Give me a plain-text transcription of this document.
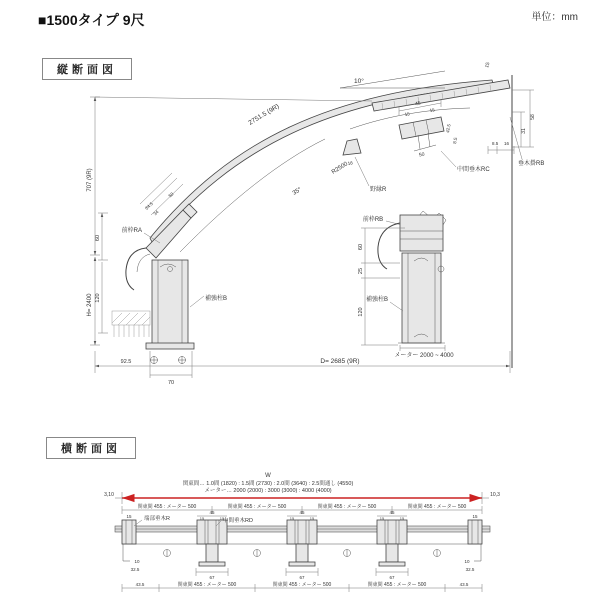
■1500タイプ 9尺	単位：mm
縦断面図
横断面図
10°
2751.5 (9R)
R2500
35°
707 (9R)
H= 2400
45
15
15
42.5
8.5
50
中間垂木RC
16
野縁R
15
58
31
8.5 16
垂木掛RB
34.5
34
50
前枠RA
60
120	補強柱B
前枠RB
60
25
120
補強柱B
メーター 2000 ~ 4000
92.5	D= 2685 (9R)
70
W
関東間… 1.0間 (1820) : 1.5間 (2730) : 2.0間 (3640) : 2.5間通し (4550)
メーター… 2000 (2000) : 3000 (3000) : 4000 (4000)
3,10	10,3
関東間 455 : メーター 500	関東間 455 : メーター 500	関東間 455 : メーター 500	関東間 455 : メーター 500
15
10
32.5
端部垂木R	15
10
32.5
45
15	15
67
中間垂木RD
45
15	15
67
45
15	15
67
43.5	関東間 455 : メーター 500	関東間 455 : メーター 500	関東間 455 : メーター 500	43.5
